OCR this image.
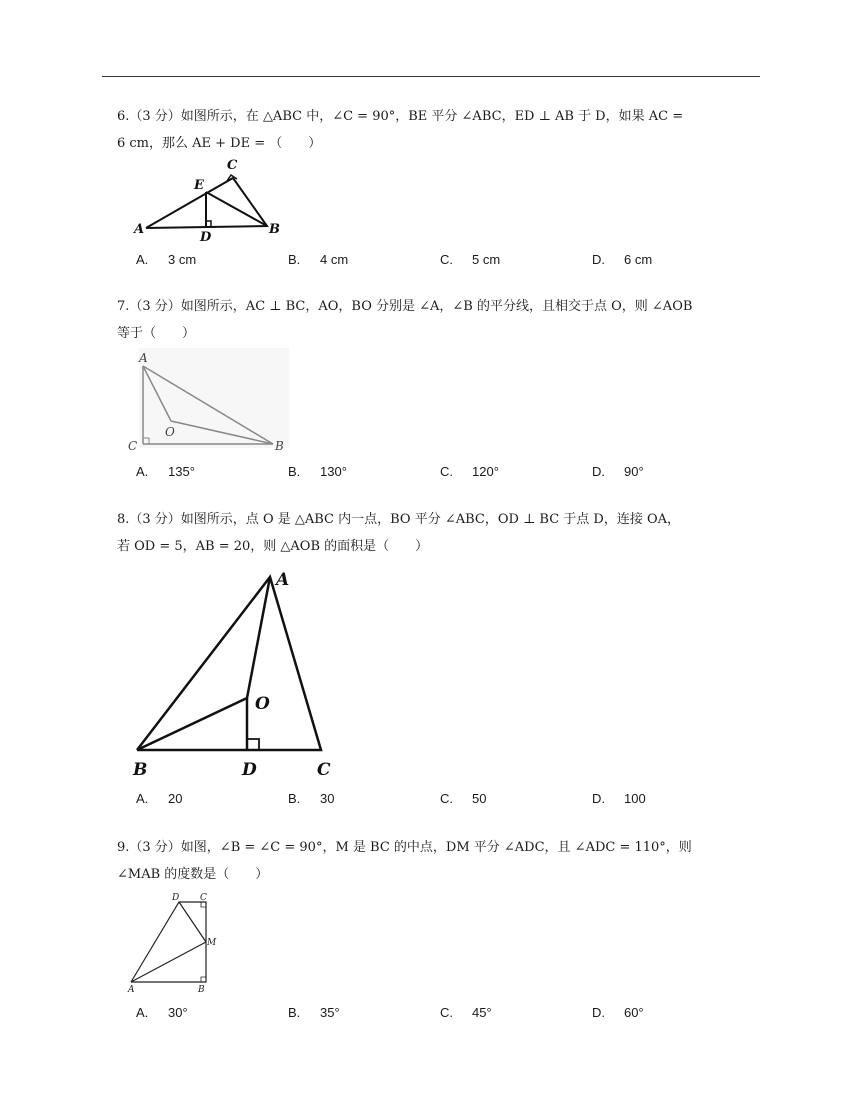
6.（3 分）如图所示，在 △ABC 中，∠C = 90°，BE 平分 ∠ABC，ED ⊥ AB 于 D，如果 AC =
6 cm，那么 AE + DE = （　　）
A	B
C
D
E
A. 3 cm	B. 4 cm	C. 5 cm	D. 6 cm
7.（3 分）如图所示，AC ⊥ BC，AO，BO 分别是 ∠A，∠B 的平分线，且相交于点 O，则 ∠AOB
等于（　　）
A
O
C	B
A. 135°	B. 130°	C. 120°	D. 90°
8.（3 分）如图所示，点 O 是 △ABC 内一点，BO 平分 ∠ABC，OD ⊥ BC 于点 D，连接 OA，
若 OD = 5，AB = 20，则 △AOB 的面积是（　　）
A
O
B	D	C
A. 20	B. 30	C. 50	D. 100
9.（3 分）如图，∠B = ∠C = 90°，M 是 BC 的中点，DM 平分 ∠ADC，且 ∠ADC = 110°，则
∠MAB 的度数是（　　）
D C
M
A	B
A. 30°	B. 35°	C. 45°	D. 60°
